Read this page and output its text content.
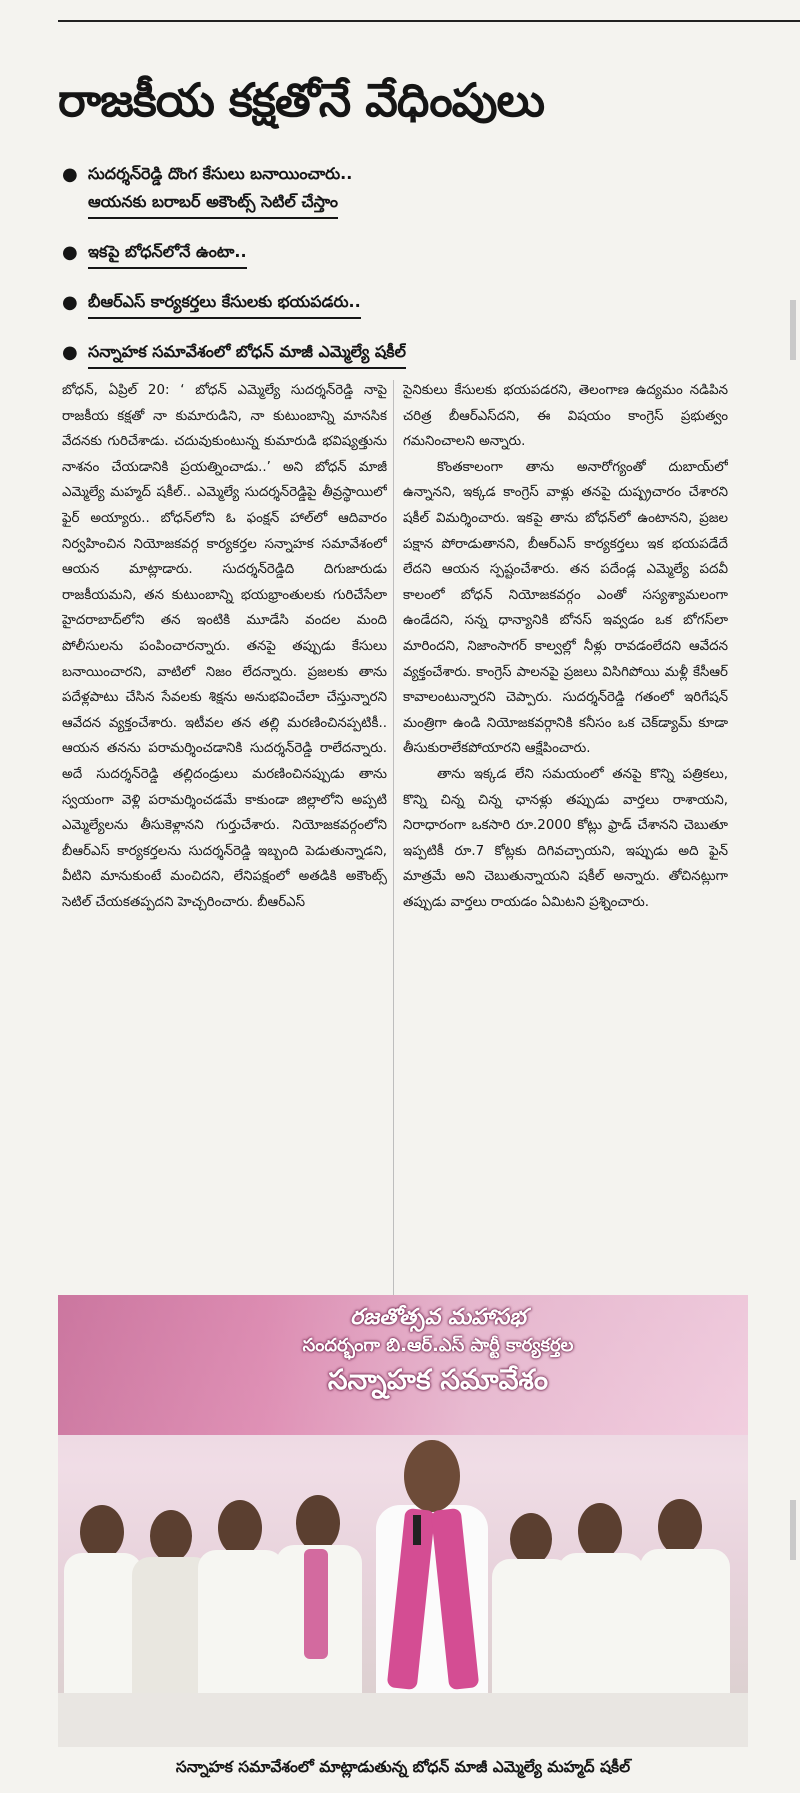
రాజకీయ కక్షతోనే వేధింపులు
● సుదర్శన్‌రెడ్డి దొంగ కేసులు బనాయించారు..
ఆయనకు బరాబర్ అకౌంట్స్ సెటిల్ చేస్తాం
● ఇకపై బోధన్‌లోనే ఉంటా..
● బీఆర్ఎస్ కార్యకర్తలు కేసులకు భయపడరు..
● సన్నాహక సమావేశంలో బోధన్ మాజీ ఎమ్మెల్యే షకీల్

బోధన్, ఏప్రిల్ 20: ‘ బోధన్ ఎమ్మెల్యే సుదర్శన్‌రెడ్డి నాపై రాజకీయ కక్షతో నా కుమారుడిని, నా కుటుంబాన్ని మానసిక వేదనకు గురిచేశాడు. చదువుకుంటున్న కుమారుడి భవిష్యత్తును నాశనం చేయడానికి ప్రయత్నించాడు..’ అని బోధన్ మాజీ ఎమ్మెల్యే మహ్మద్ షకీల్.. ఎమ్మెల్యే సుదర్శన్‌రెడ్డిపై తీవ్రస్థాయిలో ఫైర్ అయ్యారు.. బోధన్‌లోని ఓ ఫంక్షన్ హాల్‌లో ఆదివారం నిర్వహించిన నియోజకవర్గ కార్యకర్తల సన్నాహక సమావేశంలో ఆయన మాట్లాడారు. సుదర్శన్‌రెడ్డిది దిగుజారుడు రాజకీయమని, తన కుటుంబాన్ని భయభ్రాంతులకు గురిచేసేలా హైదరాబాద్‌లోని తన ఇంటికి మూడేసి వందల మంది పోలీసులను పంపించారన్నారు. తనపై తప్పుడు కేసులు బనాయించారని, వాటిలో నిజం లేదన్నారు. ప్రజలకు తాను పదేళ్లపాటు చేసిన సేవలకు శిక్షను అనుభవించేలా చేస్తున్నారని ఆవేదన వ్యక్తంచేశారు. ఇటీవల తన తల్లి మరణించినప్పటికీ.. ఆయన తనను పరామర్శించడానికి సుదర్శన్‌రెడ్డి రాలేదన్నారు. అదే సుదర్శన్‌రెడ్డి తల్లిదండ్రులు మరణించినప్పుడు తాను స్వయంగా వెళ్లి పరామర్శించడమే కాకుండా జిల్లాలోని అప్పటి ఎమ్మెల్యేలను తీసుకెళ్లానని గుర్తుచేశారు. నియోజకవర్గంలోని బీఆర్ఎస్ కార్యకర్తలను సుదర్శన్‌రెడ్డి ఇబ్బంది పెడుతున్నాడని, వీటిని మానుకుంటే మంచిదని, లేనిపక్షంలో అతడికి అకౌంట్స్ సెటిల్ చేయకతప్పదని హెచ్చరించారు. బీఆర్ఎస్

సైనికులు కేసులకు భయపడరని, తెలంగాణ ఉద్యమం నడిపిన చరిత్ర బీఆర్ఎస్‌దని, ఈ విషయం కాంగ్రెస్ ప్రభుత్వం గమనించాలని అన్నారు.

కొంతకాలంగా తాను అనారోగ్యంతో దుబాయ్‌లో ఉన్నానని, ఇక్కడ కాంగ్రెస్ వాళ్లు తనపై దుష్ప్రచారం చేశారని షకీల్ విమర్శించారు. ఇకపై తాను బోధన్‌లో ఉంటానని, ప్రజల పక్షాన పోరాడుతానని, బీఆర్ఎస్ కార్యకర్తలు ఇక భయపడేదే లేదని ఆయన స్పష్టంచేశారు. తన పదేండ్ల ఎమ్మెల్యే పదవీ కాలంలో బోధన్ నియోజకవర్గం ఎంతో సస్యశ్యామలంగా ఉండేదని, సన్న ధాన్యానికి బోనస్ ఇవ్వడం ఒక బోగస్‌లా మారిందని, నిజాంసాగర్ కాల్వల్లో నీళ్లు రావడంలేదని ఆవేదన వ్యక్తంచేశారు. కాంగ్రెస్ పాలనపై ప్రజలు విసిగిపోయి మళ్లీ కేసీఆర్ కావాలంటున్నారని చెప్పారు. సుదర్శన్‌రెడ్డి గతంలో ఇరిగేషన్ మంత్రిగా ఉండి నియోజకవర్గానికి కనీసం ఒక చెక్‌డ్యామ్ కూడా తీసుకురాలేకపోయారని ఆక్షేపించారు.

తాను ఇక్కడ లేని సమయంలో తనపై కొన్ని పత్రికలు, కొన్ని చిన్న చిన్న ఛానళ్లు తప్పుడు వార్తలు రాశాయని, నిరాధారంగా ఒకసారి రూ.2000 కోట్లు ఫ్రాడ్ చేశానని చెబుతూ ఇప్పటికీ రూ.7 కోట్లకు దిగివచ్చాయని, ఇప్పుడు అది ఫైన్ మాత్రమే అని చెబుతున్నాయని షకీల్ అన్నారు. తోచినట్లుగా తప్పుడు వార్తలు రాయడం ఏమిటని ప్రశ్నించారు.

రజతోత్సవ మహాసభ
సందర్భంగా బి.ఆర్.ఎస్ పార్టీ కార్యకర్తల
సన్నాహక సమావేశం

సన్నాహక సమావేశంలో మాట్లాడుతున్న బోధన్ మాజీ ఎమ్మెల్యే మహ్మద్ షకీల్
